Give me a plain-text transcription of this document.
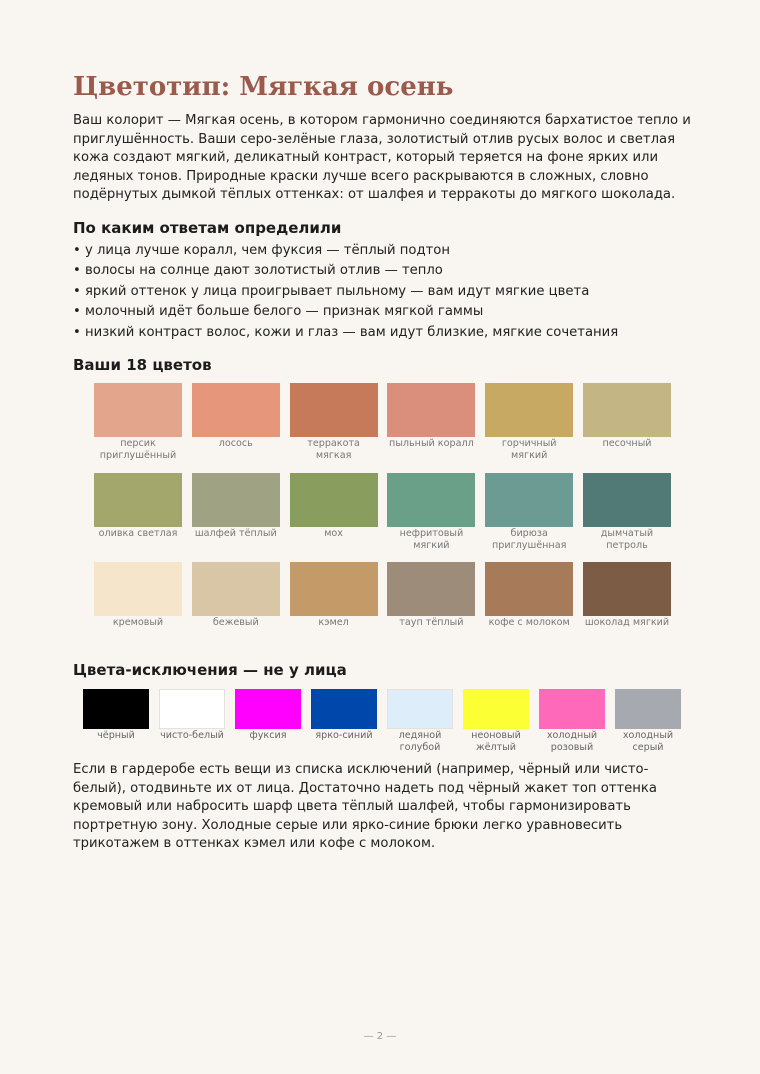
Цветотип: Мягкая осень

Ваш колорит — Мягкая осень, в котором гармонично соединяются бархатистое тепло и приглушённость. Ваши серо-зелёные глаза, золотистый отлив русых волос и светлая кожа создают мягкий, деликатный контраст, который теряется на фоне ярких или ледяных тонов. Природные краски лучше всего раскрываются в сложных, словно подёрнутых дымкой тёплых оттенках: от шалфея и терракоты до мягкого шоколада.

По каким ответам определили
• у лица лучше коралл, чем фуксия — тёплый подтон
• волосы на солнце дают золотистый отлив — тепло
• яркий оттенок у лица проигрывает пыльному — вам идут мягкие цвета
• молочный идёт больше белого — признак мягкой гаммы
• низкий контраст волос, кожи и глаз — вам идут близкие, мягкие сочетания
Ваши 18 цветов
персик приглушённый
лосось	терракота мягкая
пыльный коралл	горчичный мягкий
песочный
оливка светлая	шалфей тёплый	мох	нефритовый мягкий
бирюза приглушённая
дымчатый петроль
кремовый	бежевый	кэмел	тауп тёплый	кофе с молоком	шоколад мягкий
Цвета-исключения — не у лица
чёрный	чисто-белый	фуксия	ярко-синий	ледяной голубой
неоновый жёлтый
холодный розовый
холодный серый

Если в гардеробе есть вещи из списка исключений (например, чёрный или чисто-белый), отодвиньте их от лица. Достаточно надеть под чёрный жакет топ оттенка кремовый или набросить шарф цвета тёплый шалфей, чтобы гармонизировать портретную зону. Холодные серые или ярко-синие брюки легко уравновесить трикотажем в оттенках кэмел или кофе с молоком.

— 2 —
